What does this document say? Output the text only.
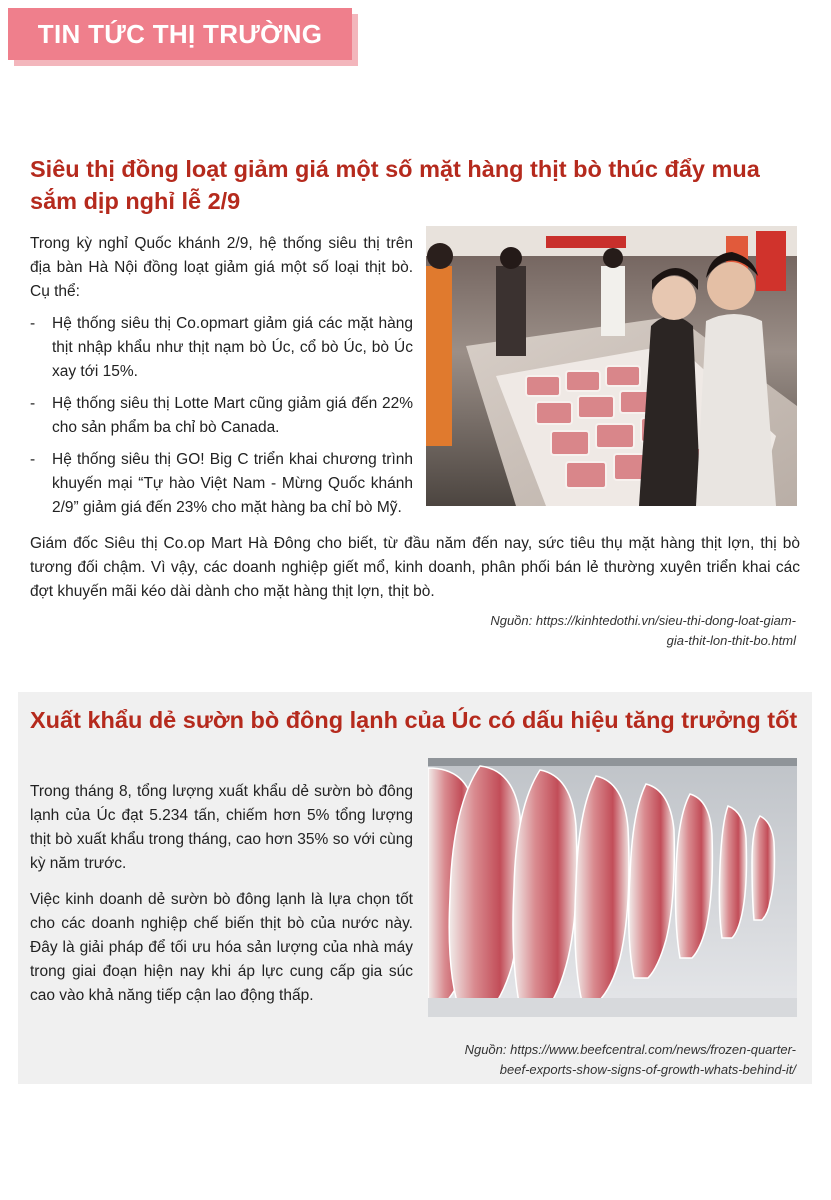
TIN TỨC THỊ TRƯỜNG
Siêu thị đồng loạt giảm giá một số mặt hàng thịt bò thúc đẩy mua sắm dịp nghỉ lễ 2/9

Trong kỳ nghỉ Quốc khánh 2/9, hệ thống siêu thị trên địa bàn Hà Nội đồng loạt giảm giá một số loại thịt bò. Cụ thể:

- Hệ thống siêu thị Co.opmart giảm giá các mặt hàng thịt nhập khẩu như thịt nạm bò Úc, cổ bò Úc, bò Úc xay tới 15%.
- Hệ thống siêu thị Lotte Mart cũng giảm giá đến 22% cho sản phẩm ba chỉ bò Canada.
- Hệ thống siêu thị GO! Big C triển khai chương trình khuyến mại “Tự hào Việt Nam - Mừng Quốc khánh 2/9” giảm giá đến 23% cho mặt hàng ba chỉ bò Mỹ.
Giám đốc Siêu thị Co.op Mart Hà Đông cho biết, từ đầu năm đến nay, sức tiêu thụ mặt hàng thịt lợn, thị bò tương đối chậm. Vì vậy, các doanh nghiệp giết mổ, kinh doanh, phân phối bán lẻ thường xuyên triển khai các đợt khuyến mãi kéo dài dành cho mặt hàng thịt lợn, thịt bò.
Nguồn: https://kinhtedothi.vn/sieu-thi-dong-loat-giam-
gia-thit-lon-thit-bo.html
Xuất khẩu dẻ sườn bò đông lạnh của Úc có dấu hiệu tăng trưởng tốt

Trong tháng 8, tổng lượng xuất khẩu dẻ sườn bò đông lạnh của Úc đạt 5.234 tấn, chiếm hơn 5% tổng lượng thịt bò xuất khẩu trong tháng, cao hơn 35% so với cùng kỳ năm trước.

Việc kinh doanh dẻ sườn bò đông lạnh là lựa chọn tốt cho các doanh nghiệp chế biến thịt bò của nước này. Đây là giải pháp để tối ưu hóa sản lượng của nhà máy trong giai đoạn hiện nay khi áp lực cung cấp gia súc cao vào khả năng tiếp cận lao động thấp.

Nguồn: https://www.beefcentral.com/news/frozen-quarter-
beef-exports-show-signs-of-growth-whats-behind-it/
